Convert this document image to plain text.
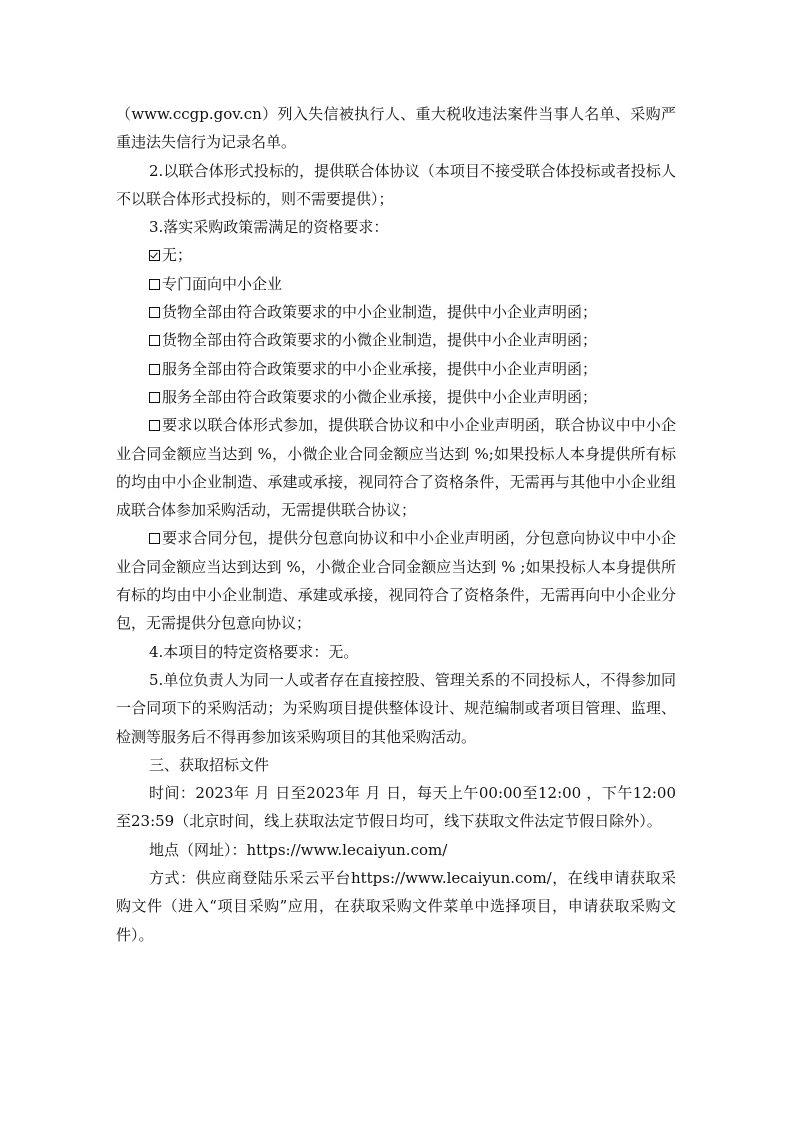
（www.ccgp.gov.cn）列入失信被执行人、重大税收违法案件当事人名单、采购严重违法失信行为记录名单。

2.以联合体形式投标的，提供联合体协议（本项目不接受联合体投标或者投标人不以联合体形式投标的，则不需要提供）；

3.落实采购政策需满足的资格要求：

无；

专门面向中小企业

货物全部由符合政策要求的中小企业制造，提供中小企业声明函；

货物全部由符合政策要求的小微企业制造，提供中小企业声明函；

服务全部由符合政策要求的中小企业承接，提供中小企业声明函；

服务全部由符合政策要求的小微企业承接，提供中小企业声明函；

要求以联合体形式参加，提供联合协议和中小企业声明函，联合协议中中小企业合同金额应当达到 %，小微企业合同金额应当达到 %;如果投标人本身提供所有标的均由中小企业制造、承建或承接，视同符合了资格条件，无需再与其他中小企业组成联合体参加采购活动，无需提供联合协议；

要求合同分包，提供分包意向协议和中小企业声明函，分包意向协议中中小企业合同金额应当达到达到 %，小微企业合同金额应当达到 % ;如果投标人本身提供所有标的均由中小企业制造、承建或承接，视同符合了资格条件，无需再向中小企业分包，无需提供分包意向协议；

4.本项目的特定资格要求：无。

5.单位负责人为同一人或者存在直接控股、管理关系的不同投标人，不得参加同一合同项下的采购活动；为采购项目提供整体设计、规范编制或者项目管理、监理、检测等服务后不得再参加该采购项目的其他采购活动。

三、获取招标文件

时间：2023年 月 日至2023年 月 日，每天上午00:00至12:00 ，下午12:00至23:59（北京时间，线上获取法定节假日均可，线下获取文件法定节假日除外）。

地点（网址）：https://www.lecaiyun.com/

方式：供应商登陆乐采云平台https://www.lecaiyun.com/，在线申请获取采购文件（进入“项目采购”应用，在获取采购文件菜单中选择项目，申请获取采购文件）。
